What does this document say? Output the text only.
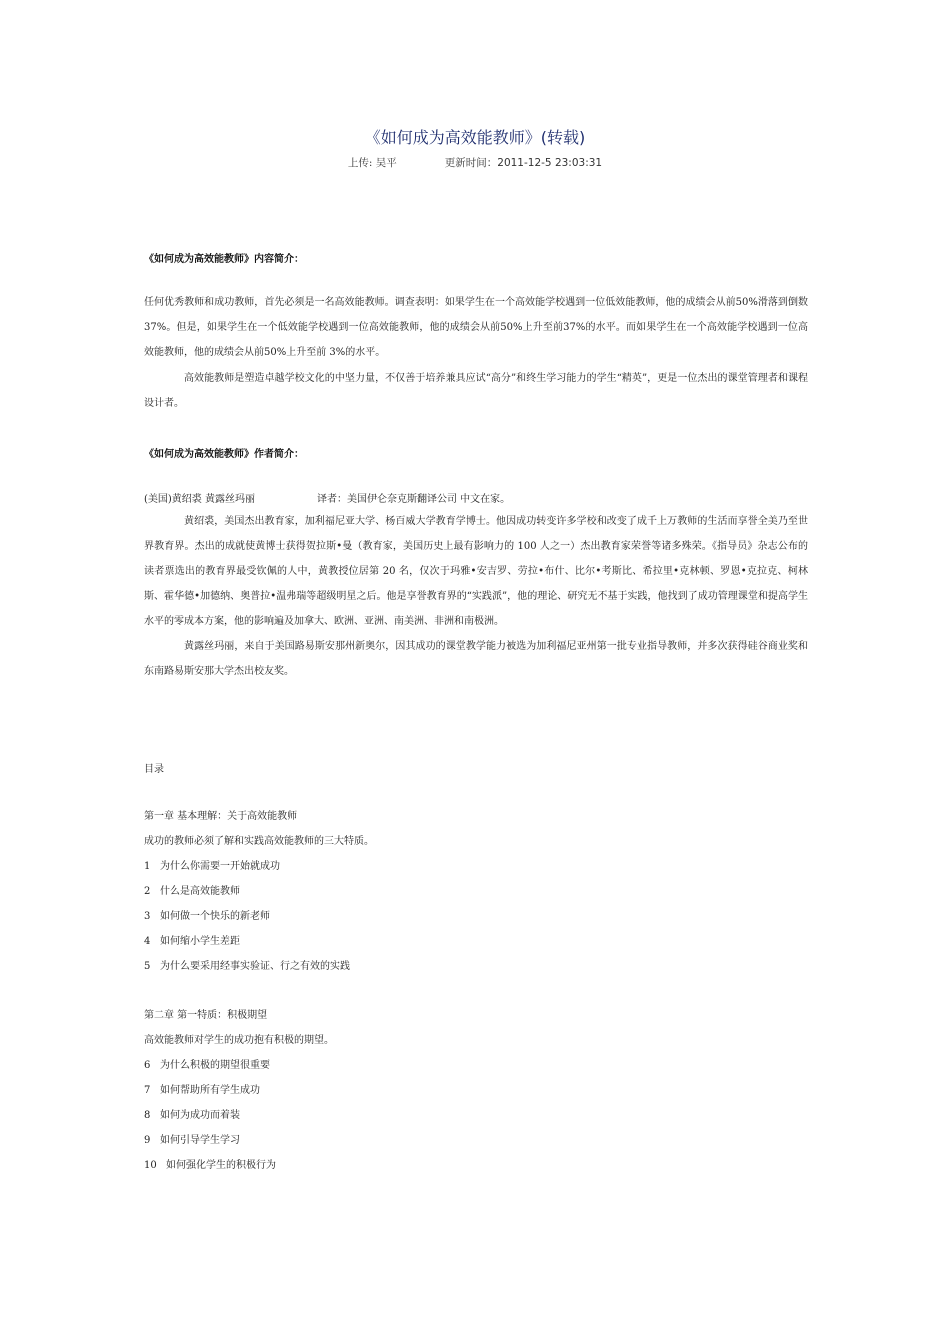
《如何成为高效能教师》(转载)
上传: 吴平	更新时间：2011-12-5 23:03:31
《如何成为高效能教师》内容简介：
任何优秀教师和成功教师，首先必须是一名高效能教师。调查表明：如果学生在一个高效能学校遇到一位低效能教师，他的成绩会从前50%滑落到倒数37%。但是，如果学生在一个低效能学校遇到一位高效能教师，他的成绩会从前50%上升至前37%的水平。而如果学生在一个高效能学校遇到一位高效能教师，他的成绩会从前50%上升至前 3%的水平。
高效能教师是塑造卓越学校文化的中坚力量，不仅善于培养兼具应试“高分”和终生学习能力的学生“精英”，更是一位杰出的课堂管理者和课程设计者。
《如何成为高效能教师》作者简介：
(美国)黄绍裘 黄露丝玛丽	译者：美国伊仑奈克斯翻译公司 中文在家。
黄绍裘，美国杰出教育家，加利福尼亚大学、杨百威大学教育学博士。他因成功转变许多学校和改变了成千上万教师的生活而享誉全美乃至世界教育界。杰出的成就使黄博士获得贺拉斯•曼（教育家，美国历史上最有影响力的 100 人之一）杰出教育家荣誉等诸多殊荣。《指导员》杂志公布的读者票选出的教育界最受钦佩的人中，黄教授位居第 20 名，仅次于玛雅•安吉罗、劳拉•布什、比尔•考斯比、希拉里•克林顿、罗恩•克拉克、柯林斯、霍华德•加德纳、奥普拉•温弗瑞等超级明星之后。他是享誉教育界的“实践派”，他的理论、研究无不基于实践，他找到了成功管理课堂和提高学生水平的零成本方案，他的影响遍及加拿大、欧洲、亚洲、南美洲、非洲和南极洲。
黄露丝玛丽，来自于美国路易斯安那州新奥尔，因其成功的课堂教学能力被选为加利福尼亚州第一批专业指导教师，并多次获得硅谷商业奖和东南路易斯安那大学杰出校友奖。
目录
第一章 基本理解：关于高效能教师
成功的教师必须了解和实践高效能教师的三大特质。
1 为什么你需要一开始就成功
2 什么是高效能教师
3 如何做一个快乐的新老师
4 如何缩小学生差距
5 为什么要采用经事实验证、行之有效的实践
第二章 第一特质：积极期望
高效能教师对学生的成功抱有积极的期望。
6 为什么积极的期望很重要
7 如何帮助所有学生成功
8 如何为成功而着装
9 如何引导学生学习
10 如何强化学生的积极行为
